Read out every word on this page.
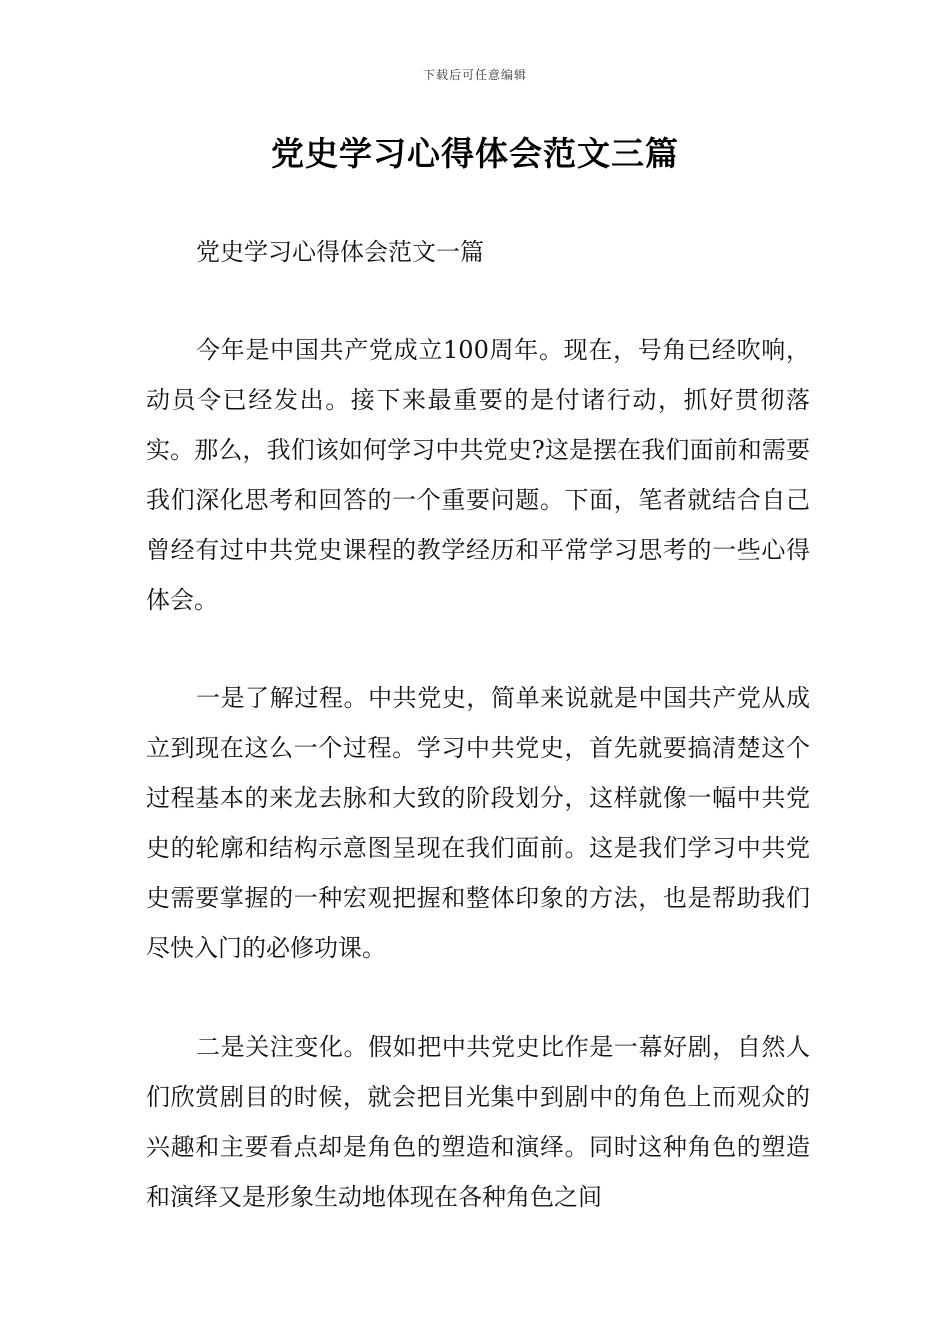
下载后可任意编辑
党史学习心得体会范文三篇
党史学习心得体会范文一篇

今年是中国共产党成立100周年。现在，号角已经吹响，动员令已经发出。接下来最重要的是付诸行动，抓好贯彻落实。那么，我们该如何学习中共党史?这是摆在我们面前和需要我们深化思考和回答的一个重要问题。下面，笔者就结合自己曾经有过中共党史课程的教学经历和平常学习思考的一些心得体会。

一是了解过程。中共党史，简单来说就是中国共产党从成立到现在这么一个过程。学习中共党史，首先就要搞清楚这个过程基本的来龙去脉和大致的阶段划分，这样就像一幅中共党史的轮廓和结构示意图呈现在我们面前。这是我们学习中共党史需要掌握的一种宏观把握和整体印象的方法，也是帮助我们尽快入门的必修功课。

二是关注变化。假如把中共党史比作是一幕好剧，自然人们欣赏剧目的时候，就会把目光集中到剧中的角色上而观众的兴趣和主要看点却是角色的塑造和演绎。同时这种角色的塑造和演绎又是形象生动地体现在各种角色之间
